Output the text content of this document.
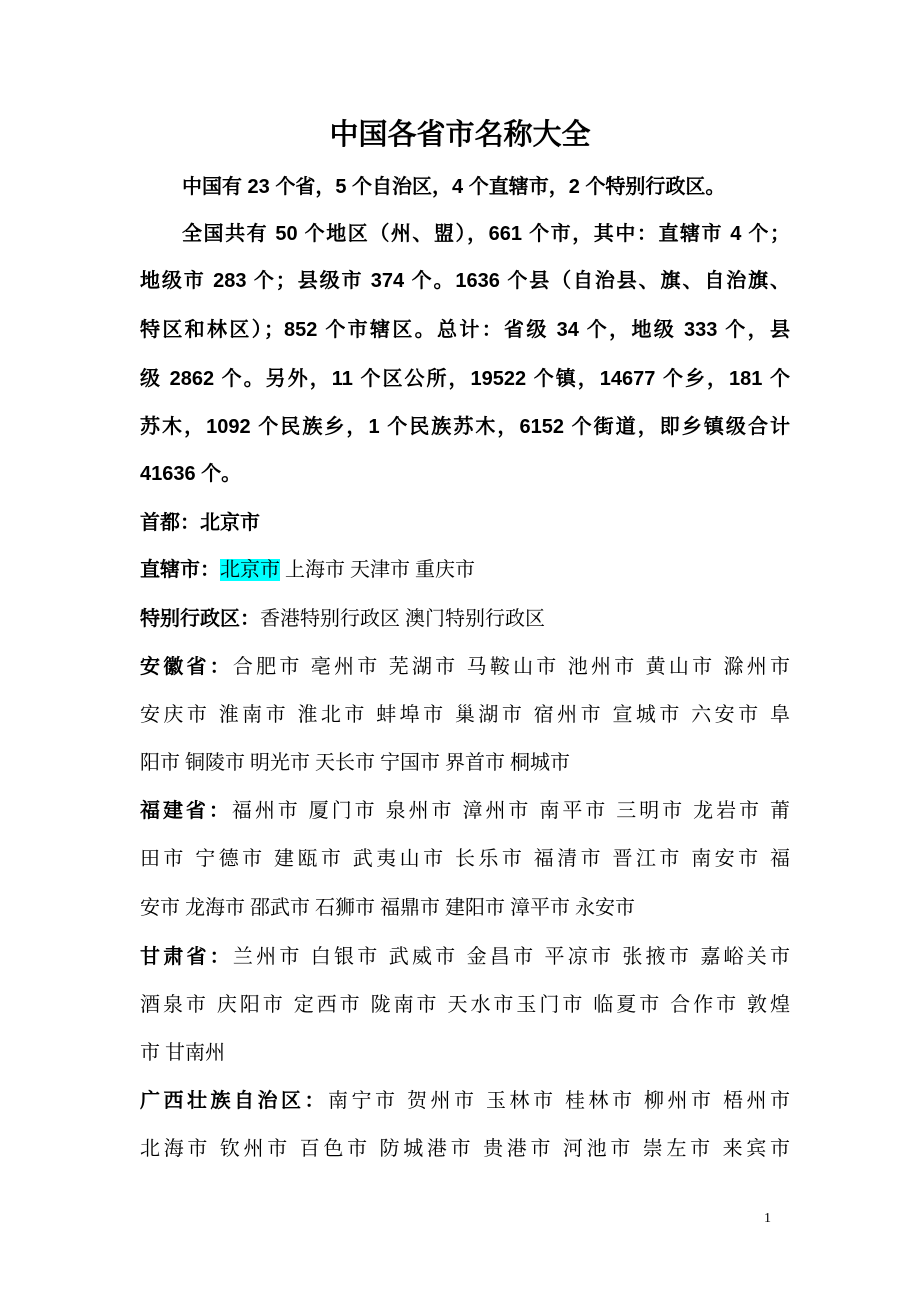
中国各省市名称大全
中国有 23 个省，5 个自治区，4 个直辖市，2 个特别行政区。
全国共有 50 个地区（州、盟），661 个市，其中：直辖市 4 个；
地级市 283 个；县级市 374 个。1636 个县（自治县、旗、自治旗、
特区和林区）；852 个市辖区。总计：省级 34 个，地级 333 个，县
级 2862 个。另外，11 个区公所，19522 个镇，14677 个乡，181 个
苏木，1092 个民族乡，1 个民族苏木，6152 个街道，即乡镇级合计
41636 个。
首都：北京市
直辖市：北京市 上海市 天津市 重庆市
特别行政区：香港特别行政区 澳门特别行政区
安徽省：合肥市 亳州市 芜湖市 马鞍山市 池州市 黄山市 滁州市
安庆市 淮南市 淮北市 蚌埠市 巢湖市 宿州市 宣城市 六安市 阜
阳市 铜陵市 明光市 天长市 宁国市 界首市 桐城市
福建省：福州市 厦门市 泉州市 漳州市 南平市 三明市 龙岩市 莆
田市 宁德市 建瓯市 武夷山市 长乐市 福清市 晋江市 南安市 福
安市 龙海市 邵武市 石狮市 福鼎市 建阳市 漳平市 永安市
甘肃省：兰州市 白银市 武威市 金昌市 平凉市 张掖市 嘉峪关市
酒泉市 庆阳市 定西市 陇南市 天水市玉门市 临夏市 合作市 敦煌
市 甘南州
广西壮族自治区：南宁市 贺州市 玉林市 桂林市 柳州市 梧州市
北海市 钦州市 百色市 防城港市 贵港市 河池市 崇左市 来宾市
1
